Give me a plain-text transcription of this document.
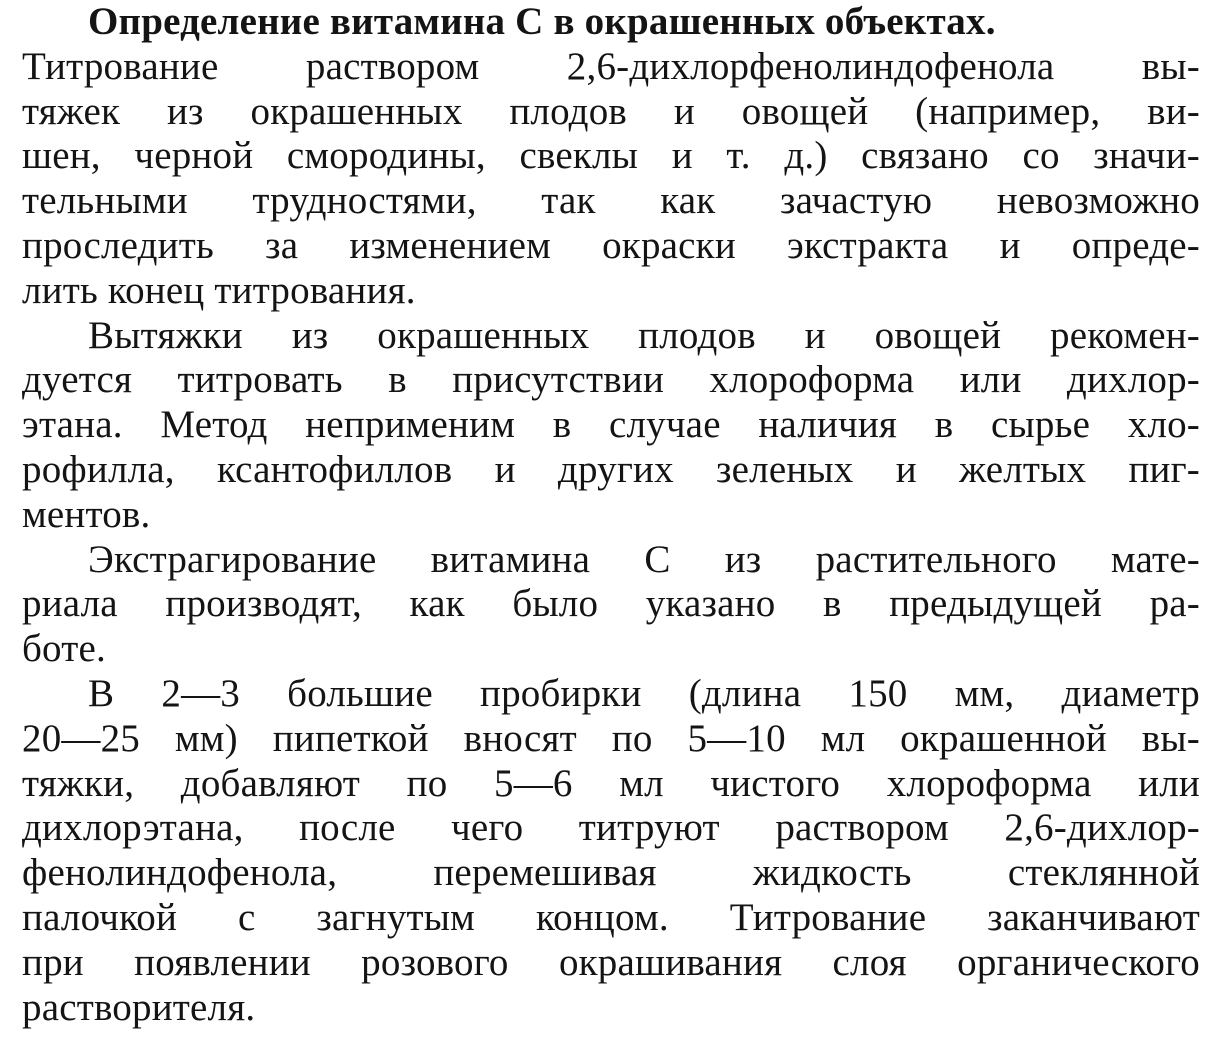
Определение витамина С в окрашенных объектах.
Титрование раствором 2,6-дихлорфенолиндофенола вы-
тяжек из окрашенных плодов и овощей (например, ви-
шен, черной смородины, свеклы и т. д.) связано со значи-
тельными трудностями, так как зачастую невозможно
проследить за изменением окраски экстракта и опреде-
лить конец титрования.
Вытяжки из окрашенных плодов и овощей рекомен-
дуется титровать в присутствии хлороформа или дихлор-
этана. Метод неприменим в случае наличия в сырье хло-
рофилла, ксантофиллов и других зеленых и желтых пиг-
ментов.
Экстрагирование витамина С из растительного мате-
риала производят, как было указано в предыдущей ра-
боте.
В 2—3 большие пробирки (длина 150 мм, диаметр
20—25 мм) пипеткой вносят по 5—10 мл окрашенной вы-
тяжки, добавляют по 5—6 мл чистого хлороформа или
дихлорэтана, после чего титруют раствором 2,6-дихлор-
фенолиндофенола, перемешивая жидкость стеклянной
палочкой с загнутым концом. Титрование заканчивают
при появлении розового окрашивания слоя органического
растворителя.
